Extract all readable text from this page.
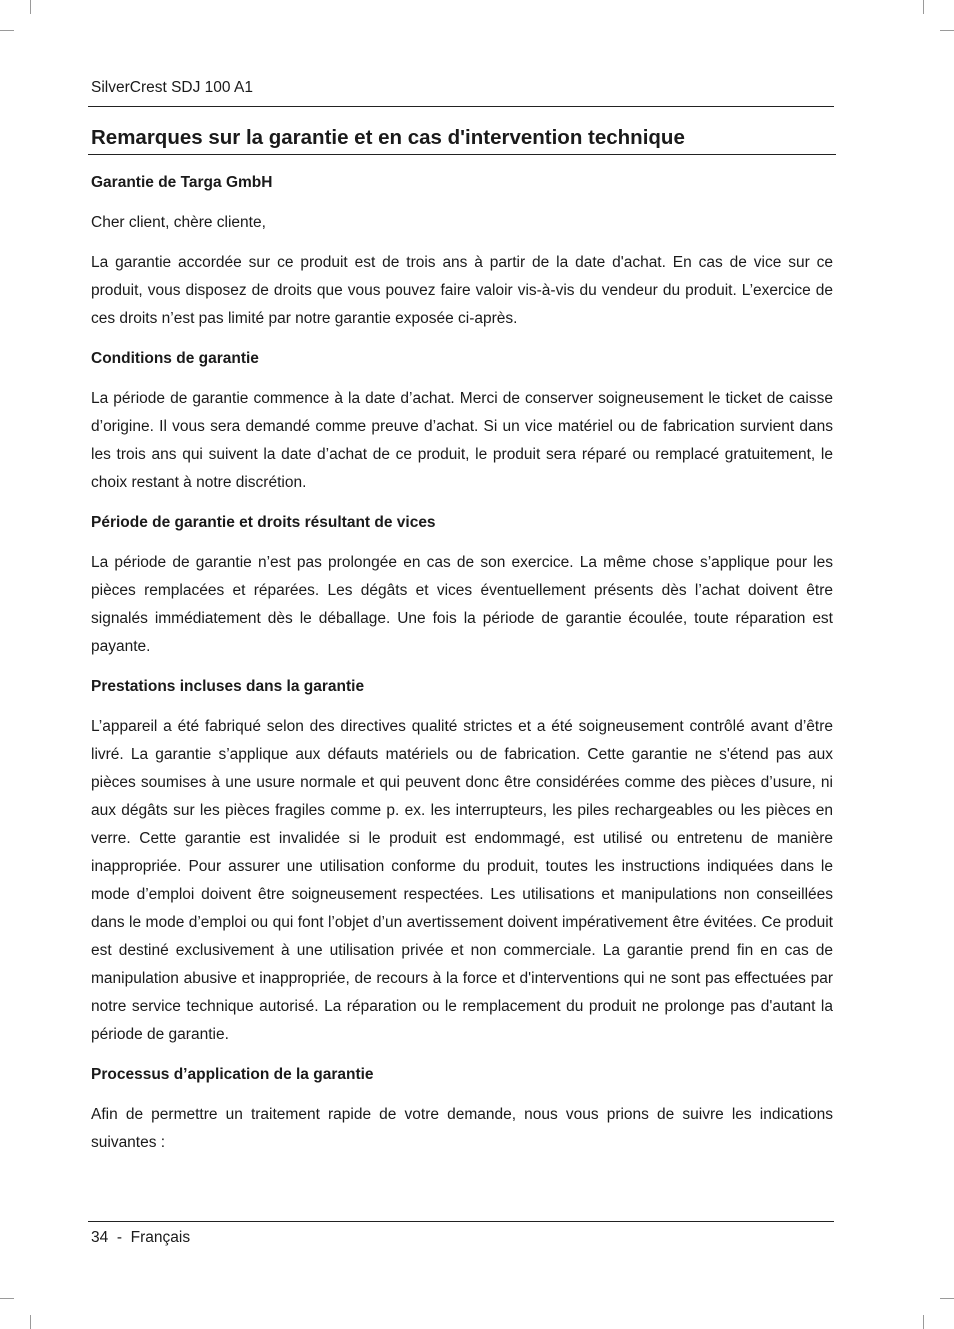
SilverCrest SDJ 100 A1
Remarques sur la garantie et en cas d'intervention technique
Garantie de Targa GmbH

Cher client, chère cliente,

La garantie accordée sur ce produit est de trois ans à partir de la date d'achat. En cas de vice sur ce produit, vous disposez de droits que vous pouvez faire valoir vis-à-vis du vendeur du produit. L’exercice de ces droits n’est pas limité par notre garantie exposée ci-après.

Conditions de garantie

La période de garantie commence à la date d’achat. Merci de conserver soigneusement le ticket de caisse d’origine. Il vous sera demandé comme preuve d’achat. Si un vice matériel ou de fabrication survient dans les trois ans qui suivent la date d’achat de ce produit, le produit sera réparé ou remplacé gratuitement, le choix restant à notre discrétion.

Période de garantie et droits résultant de vices

La période de garantie n’est pas prolongée en cas de son exercice. La même chose s’applique pour les pièces remplacées et réparées. Les dégâts et vices éventuellement présents dès l’achat doivent être signalés immédiatement dès le déballage. Une fois la période de garantie écoulée, toute réparation est payante.

Prestations incluses dans la garantie

L’appareil a été fabriqué selon des directives qualité strictes et a été soigneusement contrôlé avant d’être livré. La garantie s’applique aux défauts matériels ou de fabrication. Cette garantie ne s'étend pas aux pièces soumises à une usure normale et qui peuvent donc être considérées comme des pièces d’usure, ni aux dégâts sur les pièces fragiles comme p. ex. les interrupteurs, les piles rechargeables ou les pièces en verre. Cette garantie est invalidée si le produit est endommagé, est utilisé ou entretenu de manière inappropriée. Pour assurer une utilisation conforme du produit, toutes les instructions indiquées dans le mode d’emploi doivent être soigneusement respectées. Les utilisations et manipulations non conseillées dans le mode d’emploi ou qui font l’objet d’un avertissement doivent impérativement être évitées. Ce produit est destiné exclusivement à une utilisation privée et non commerciale. La garantie prend fin en cas de manipulation abusive et inappropriée, de recours à la force et d'interventions qui ne sont pas effectuées par notre service technique autorisé. La réparation ou le remplacement du produit ne prolonge pas d'autant la période de garantie.

Processus d’application de la garantie

Afin de permettre un traitement rapide de votre demande, nous vous prions de suivre les indications suivantes :

34 - Français
